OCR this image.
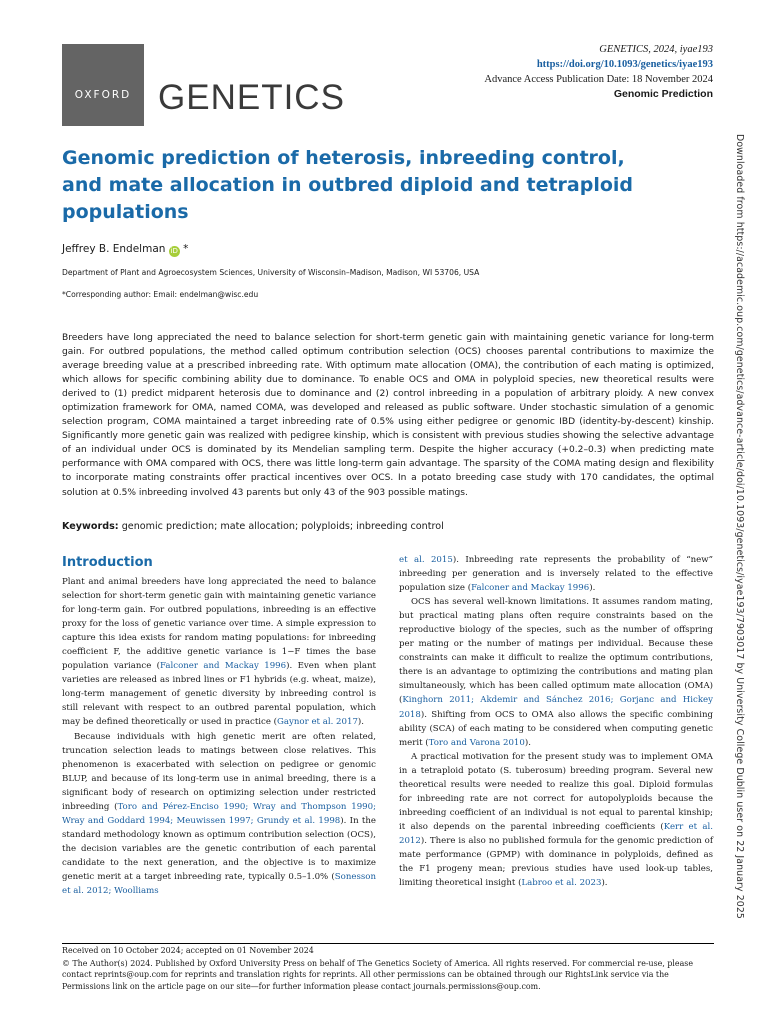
OXFORD GENETICS
GENETICS, 2024, iyae193
https://doi.org/10.1093/genetics/iyae193
Advance Access Publication Date: 18 November 2024
Genomic Prediction
Genomic prediction of heterosis, inbreeding control, and mate allocation in outbred diploid and tetraploid populations
Jeffrey B. Endelman iD *
Department of Plant and Agroecosystem Sciences, University of Wisconsin–Madison, Madison, WI 53706, USA
*Corresponding author: Email: endelman@wisc.edu
Breeders have long appreciated the need to balance selection for short-term genetic gain with maintaining genetic variance for long-term gain. For outbred populations, the method called optimum contribution selection (OCS) chooses parental contributions to maximize the average breeding value at a prescribed inbreeding rate. With optimum mate allocation (OMA), the contribution of each mating is optimized, which allows for specific combining ability due to dominance. To enable OCS and OMA in polyploid species, new theoretical results were derived to (1) predict midparent heterosis due to dominance and (2) control inbreeding in a population of arbitrary ploidy. A new convex optimization framework for OMA, named COMA, was developed and released as public software. Under stochastic simulation of a genomic selection program, COMA maintained a target inbreeding rate of 0.5% using either pedigree or genomic IBD (identity-by-descent) kinship. Significantly more genetic gain was realized with pedigree kinship, which is consistent with previous studies showing the selective advantage of an individual under OCS is dominated by its Mendelian sampling term. Despite the higher accuracy (+0.2–0.3) when predicting mate performance with OMA compared with OCS, there was little long-term gain advantage. The sparsity of the COMA mating design and flexibility to incorporate mating constraints offer practical incentives over OCS. In a potato breeding case study with 170 candidates, the optimal solution at 0.5% inbreeding involved 43 parents but only 43 of the 903 possible matings.
Keywords: genomic prediction; mate allocation; polyploids; inbreeding control
Introduction

Plant and animal breeders have long appreciated the need to balance selection for short-term genetic gain with maintaining genetic variance for long-term gain. For outbred populations, inbreeding is an effective proxy for the loss of genetic variance over time. A simple expression to capture this idea exists for random mating populations: for inbreeding coefficient F, the additive genetic variance is 1−F times the base population variance (Falconer and Mackay 1996). Even when plant varieties are released as inbred lines or F1 hybrids (e.g. wheat, maize), long-term management of genetic diversity by inbreeding control is still relevant with respect to an outbred parental population, which may be defined theoretically or used in practice (Gaynor et al. 2017).

Because individuals with high genetic merit are often related, truncation selection leads to matings between close relatives. This phenomenon is exacerbated with selection on pedigree or genomic BLUP, and because of its long-term use in animal breeding, there is a significant body of research on optimizing selection under restricted inbreeding (Toro and Pérez-Enciso 1990; Wray and Thompson 1990; Wray and Goddard 1994; Meuwissen 1997; Grundy et al. 1998). In the standard methodology known as optimum contribution selection (OCS), the decision variables are the genetic contribution of each parental candidate to the next generation, and the objective is to maximize genetic merit at a target inbreeding rate, typically 0.5–1.0% (Sonesson et al. 2012; Woolliams

et al. 2015). Inbreeding rate represents the probability of “new” inbreeding per generation and is inversely related to the effective population size (Falconer and Mackay 1996).

OCS has several well-known limitations. It assumes random mating, but practical mating plans often require constraints based on the reproductive biology of the species, such as the number of offspring per mating or the number of matings per individual. Because these constraints can make it difficult to realize the optimum contributions, there is an advantage to optimizing the contributions and mating plan simultaneously, which has been called optimum mate allocation (OMA) (Kinghorn 2011; Akdemir and Sánchez 2016; Gorjanc and Hickey 2018). Shifting from OCS to OMA also allows the specific combining ability (SCA) of each mating to be considered when computing genetic merit (Toro and Varona 2010).

A practical motivation for the present study was to implement OMA in a tetraploid potato (S. tuberosum) breeding program. Several new theoretical results were needed to realize this goal. Diploid formulas for inbreeding rate are not correct for autopolyploids because the inbreeding coefficient of an individual is not equal to parental kinship; it also depends on the parental inbreeding coefficients (Kerr et al. 2012). There is also no published formula for the genomic prediction of mate performance (GPMP) with dominance in polyploids, defined as the F1 progeny mean; previous studies have used look-up tables, limiting theoretical insight (Labroo et al. 2023).

Received on 10 October 2024; accepted on 01 November 2024
© The Author(s) 2024. Published by Oxford University Press on behalf of The Genetics Society of America. All rights reserved. For commercial re-use, please contact reprints@oup.com for reprints and translation rights for reprints. All other permissions can be obtained through our RightsLink service via the Permissions link on the article page on our site—for further information please contact journals.permissions@oup.com.
Downloaded from https://academic.oup.com/genetics/advance-article/doi/10.1093/genetics/iyae193/7903017 by University College Dublin user on 22 January 2025
